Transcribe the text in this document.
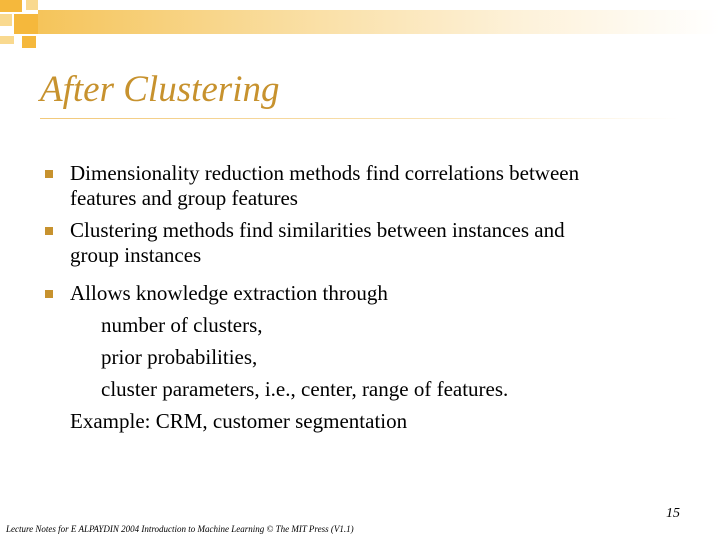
After Clustering
Dimensionality reduction methods find correlations between
features and group features
Clustering methods find similarities between instances and
group instances
Allows knowledge extraction through
number of clusters,
prior probabilities,
cluster parameters, i.e., center, range of features.
Example: CRM, customer segmentation
15
Lecture Notes for E ALPAYDIN 2004 Introduction to Machine Learning © The MIT Press (V1.1)
